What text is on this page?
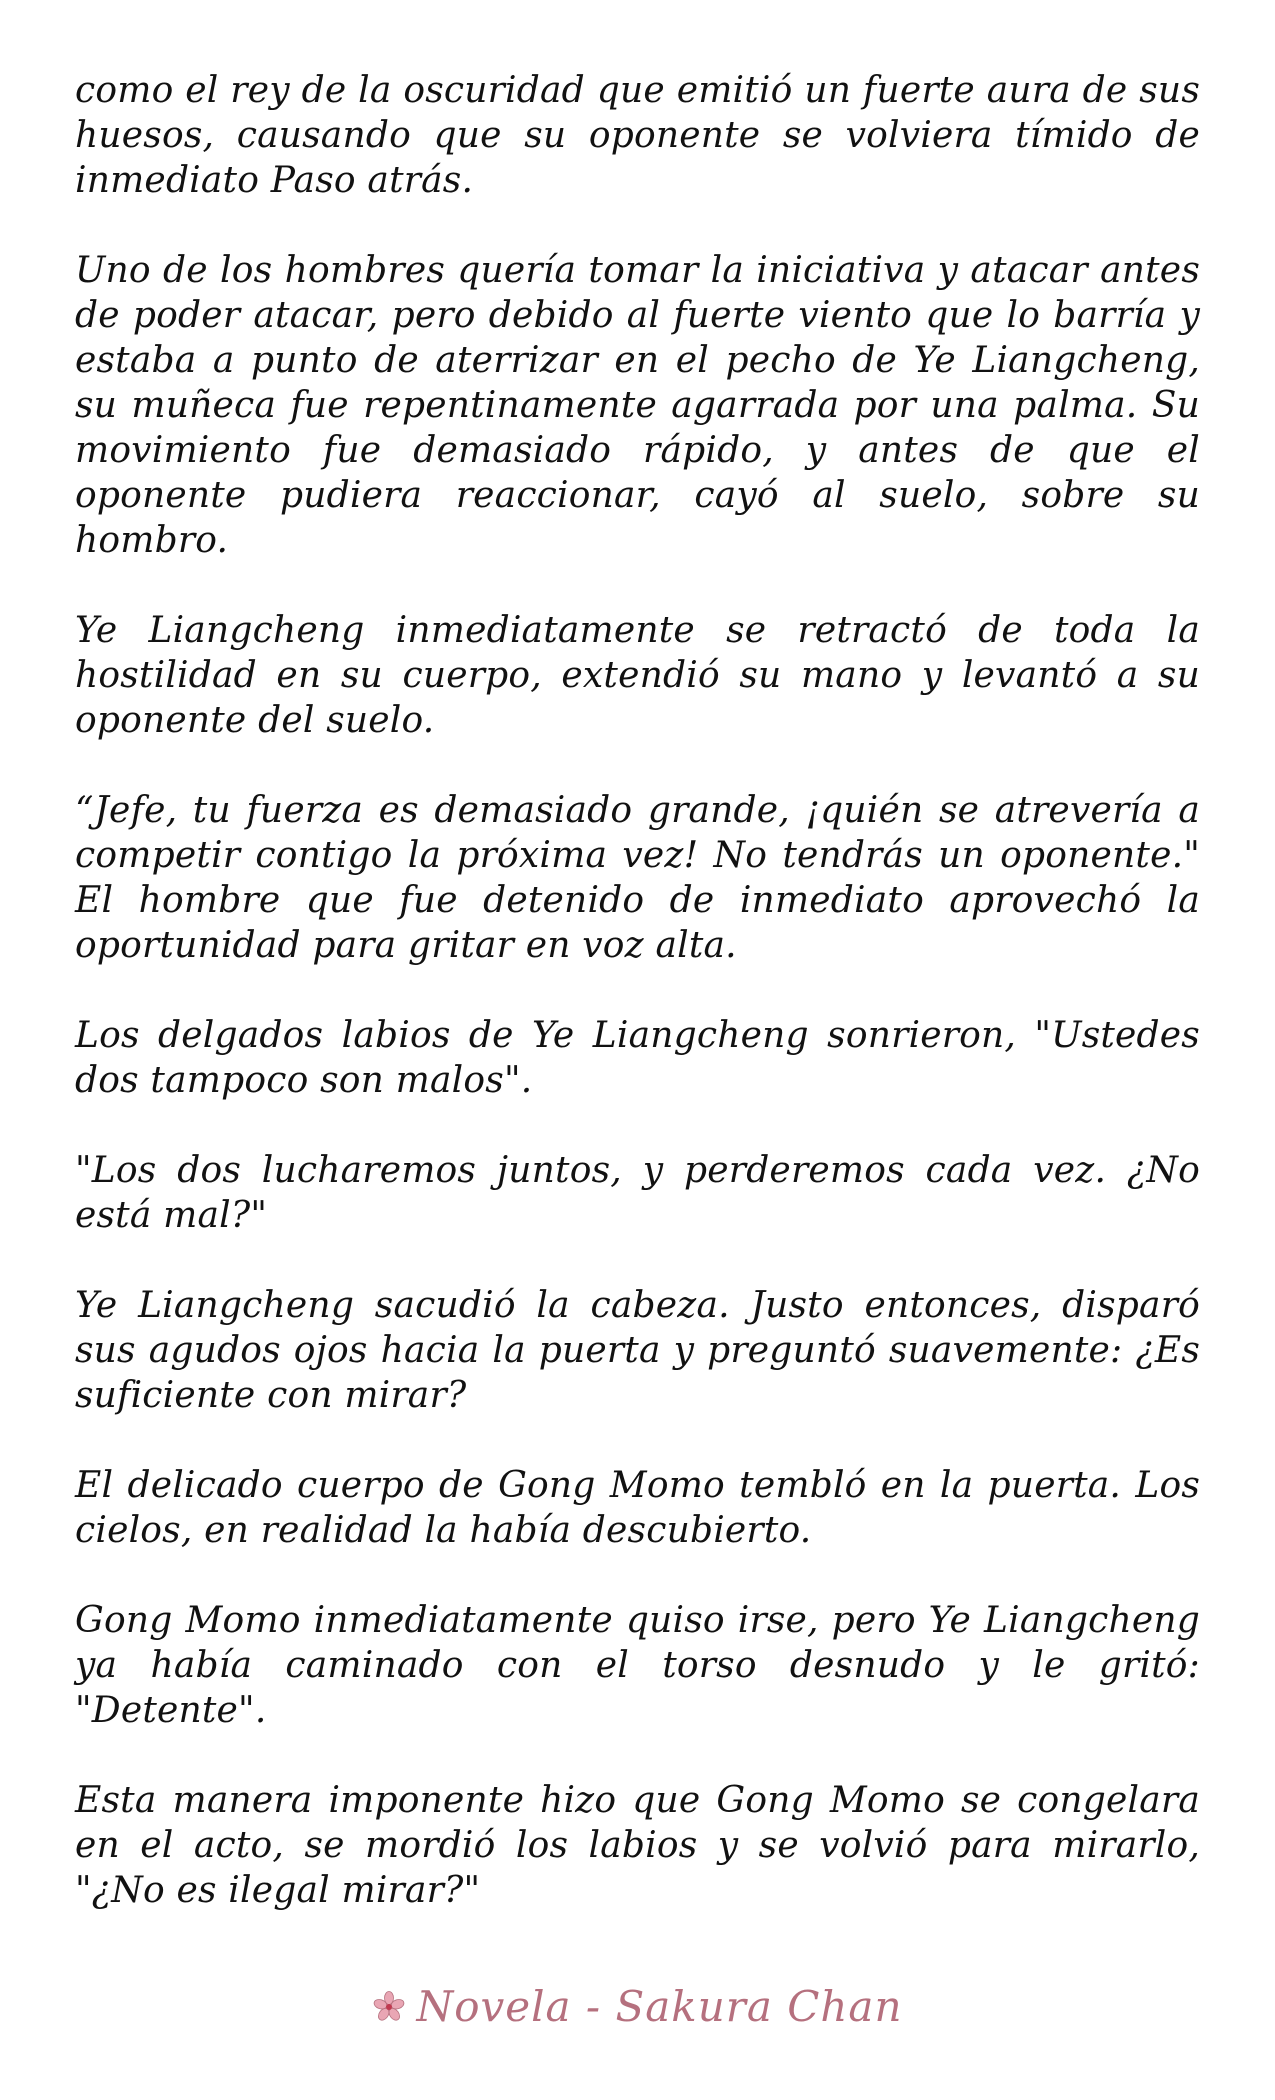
como el rey de la oscuridad que emitió un fuerte aura de sus huesos, causando que su oponente se volviera tímido de inmediato Paso atrás.

Uno de los hombres quería tomar la iniciativa y atacar antes de poder atacar, pero debido al fuerte viento que lo barría y estaba a punto de aterrizar en el pecho de Ye Liangcheng, su muñeca fue repentinamente agarrada por una palma. Su movimiento fue demasiado rápido, y antes de que el oponente pudiera reaccionar, cayó al suelo, sobre su hombro.

Ye Liangcheng inmediatamente se retractó de toda la hostilidad en su cuerpo, extendió su mano y levantó a su oponente del suelo.

“Jefe, tu fuerza es demasiado grande, ¡quién se atrevería a competir contigo la próxima vez! No tendrás un oponente." El hombre que fue detenido de inmediato aprovechó la oportunidad para gritar en voz alta.

Los delgados labios de Ye Liangcheng sonrieron, "Ustedes dos tampoco son malos".

"Los dos lucharemos juntos, y perderemos cada vez. ¿No está mal?"

Ye Liangcheng sacudió la cabeza. Justo entonces, disparó sus agudos ojos hacia la puerta y preguntó suavemente: ¿Es suficiente con mirar?

El delicado cuerpo de Gong Momo tembló en la puerta. Los cielos, en realidad la había descubierto.

Gong Momo inmediatamente quiso irse, pero Ye Liangcheng ya había caminado con el torso desnudo y le gritó: "Detente".

Esta manera imponente hizo que Gong Momo se congelara en el acto, se mordió los labios y se volvió para mirarlo, "¿No es ilegal mirar?"

Novela - Sakura Chan
